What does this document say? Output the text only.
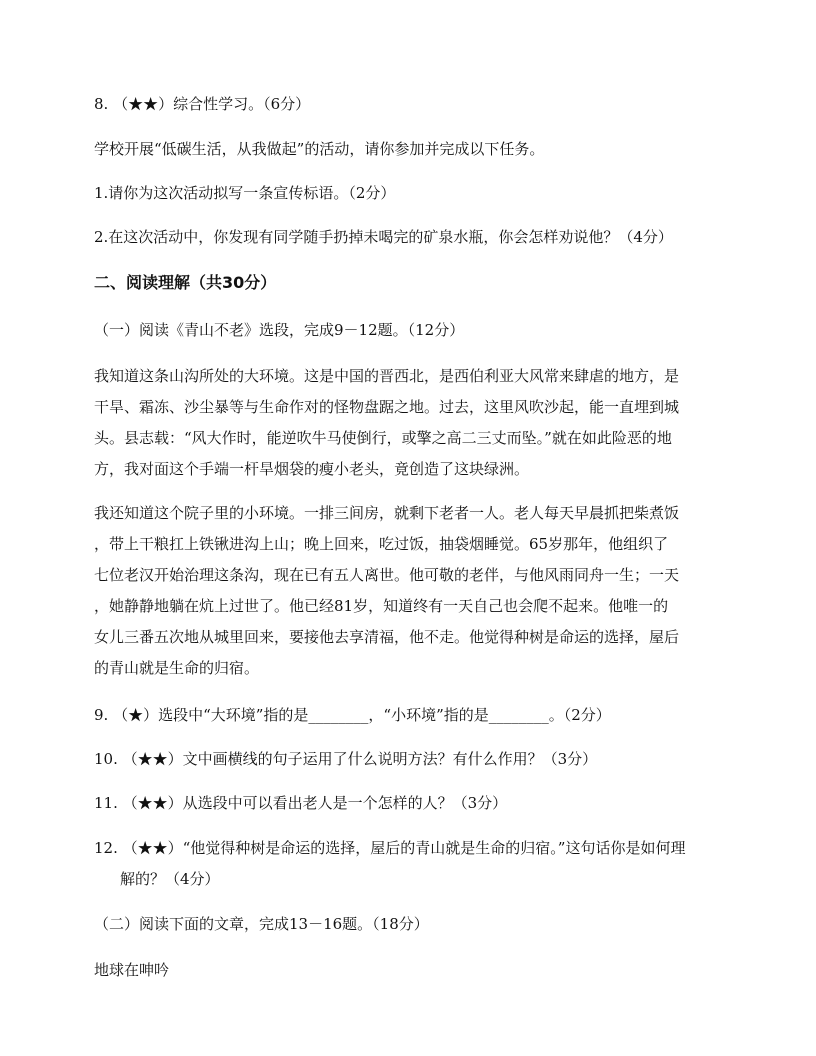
8. （★★）综合性学习。（6分）
学校开展“低碳生活，从我做起”的活动，请你参加并完成以下任务。
1.请你为这次活动拟写一条宣传标语。（2分）
2.在这次活动中，你发现有同学随手扔掉未喝完的矿泉水瓶，你会怎样劝说他？（4分）
二、阅读理解（共30分）
（一）阅读《青山不老》选段，完成9－12题。（12分）
我知道这条山沟所处的大环境。这是中国的晋西北，是西伯利亚大风常来肆虐的地方，是
干旱、霜冻、沙尘暴等与生命作对的怪物盘踞之地。过去，这里风吹沙起，能一直埋到城
头。县志载：“风大作时，能逆吹牛马使倒行，或擎之高二三丈而坠。”就在如此险恶的地
方，我对面这个手端一杆旱烟袋的瘦小老头，竟创造了这块绿洲。
我还知道这个院子里的小环境。一排三间房，就剩下老者一人。老人每天早晨抓把柴煮饭
，带上干粮扛上铁锹进沟上山；晚上回来，吃过饭，抽袋烟睡觉。65岁那年，他组织了
七位老汉开始治理这条沟，现在已有五人离世。他可敬的老伴，与他风雨同舟一生；一天
，她静静地躺在炕上过世了。他已经81岁，知道终有一天自己也会爬不起来。他唯一的
女儿三番五次地从城里回来，要接他去享清福，他不走。他觉得种树是命运的选择，屋后
的青山就是生命的归宿。
9. （★）选段中“大环境”指的是________，“小环境”指的是________。（2分）
10. （★★）文中画横线的句子运用了什么说明方法？有什么作用？（3分）
11. （★★）从选段中可以看出老人是一个怎样的人？（3分）
12. （★★）“他觉得种树是命运的选择，屋后的青山就是生命的归宿。”这句话你是如何理
解的？（4分）
（二）阅读下面的文章，完成13－16题。（18分）
地球在呻吟
